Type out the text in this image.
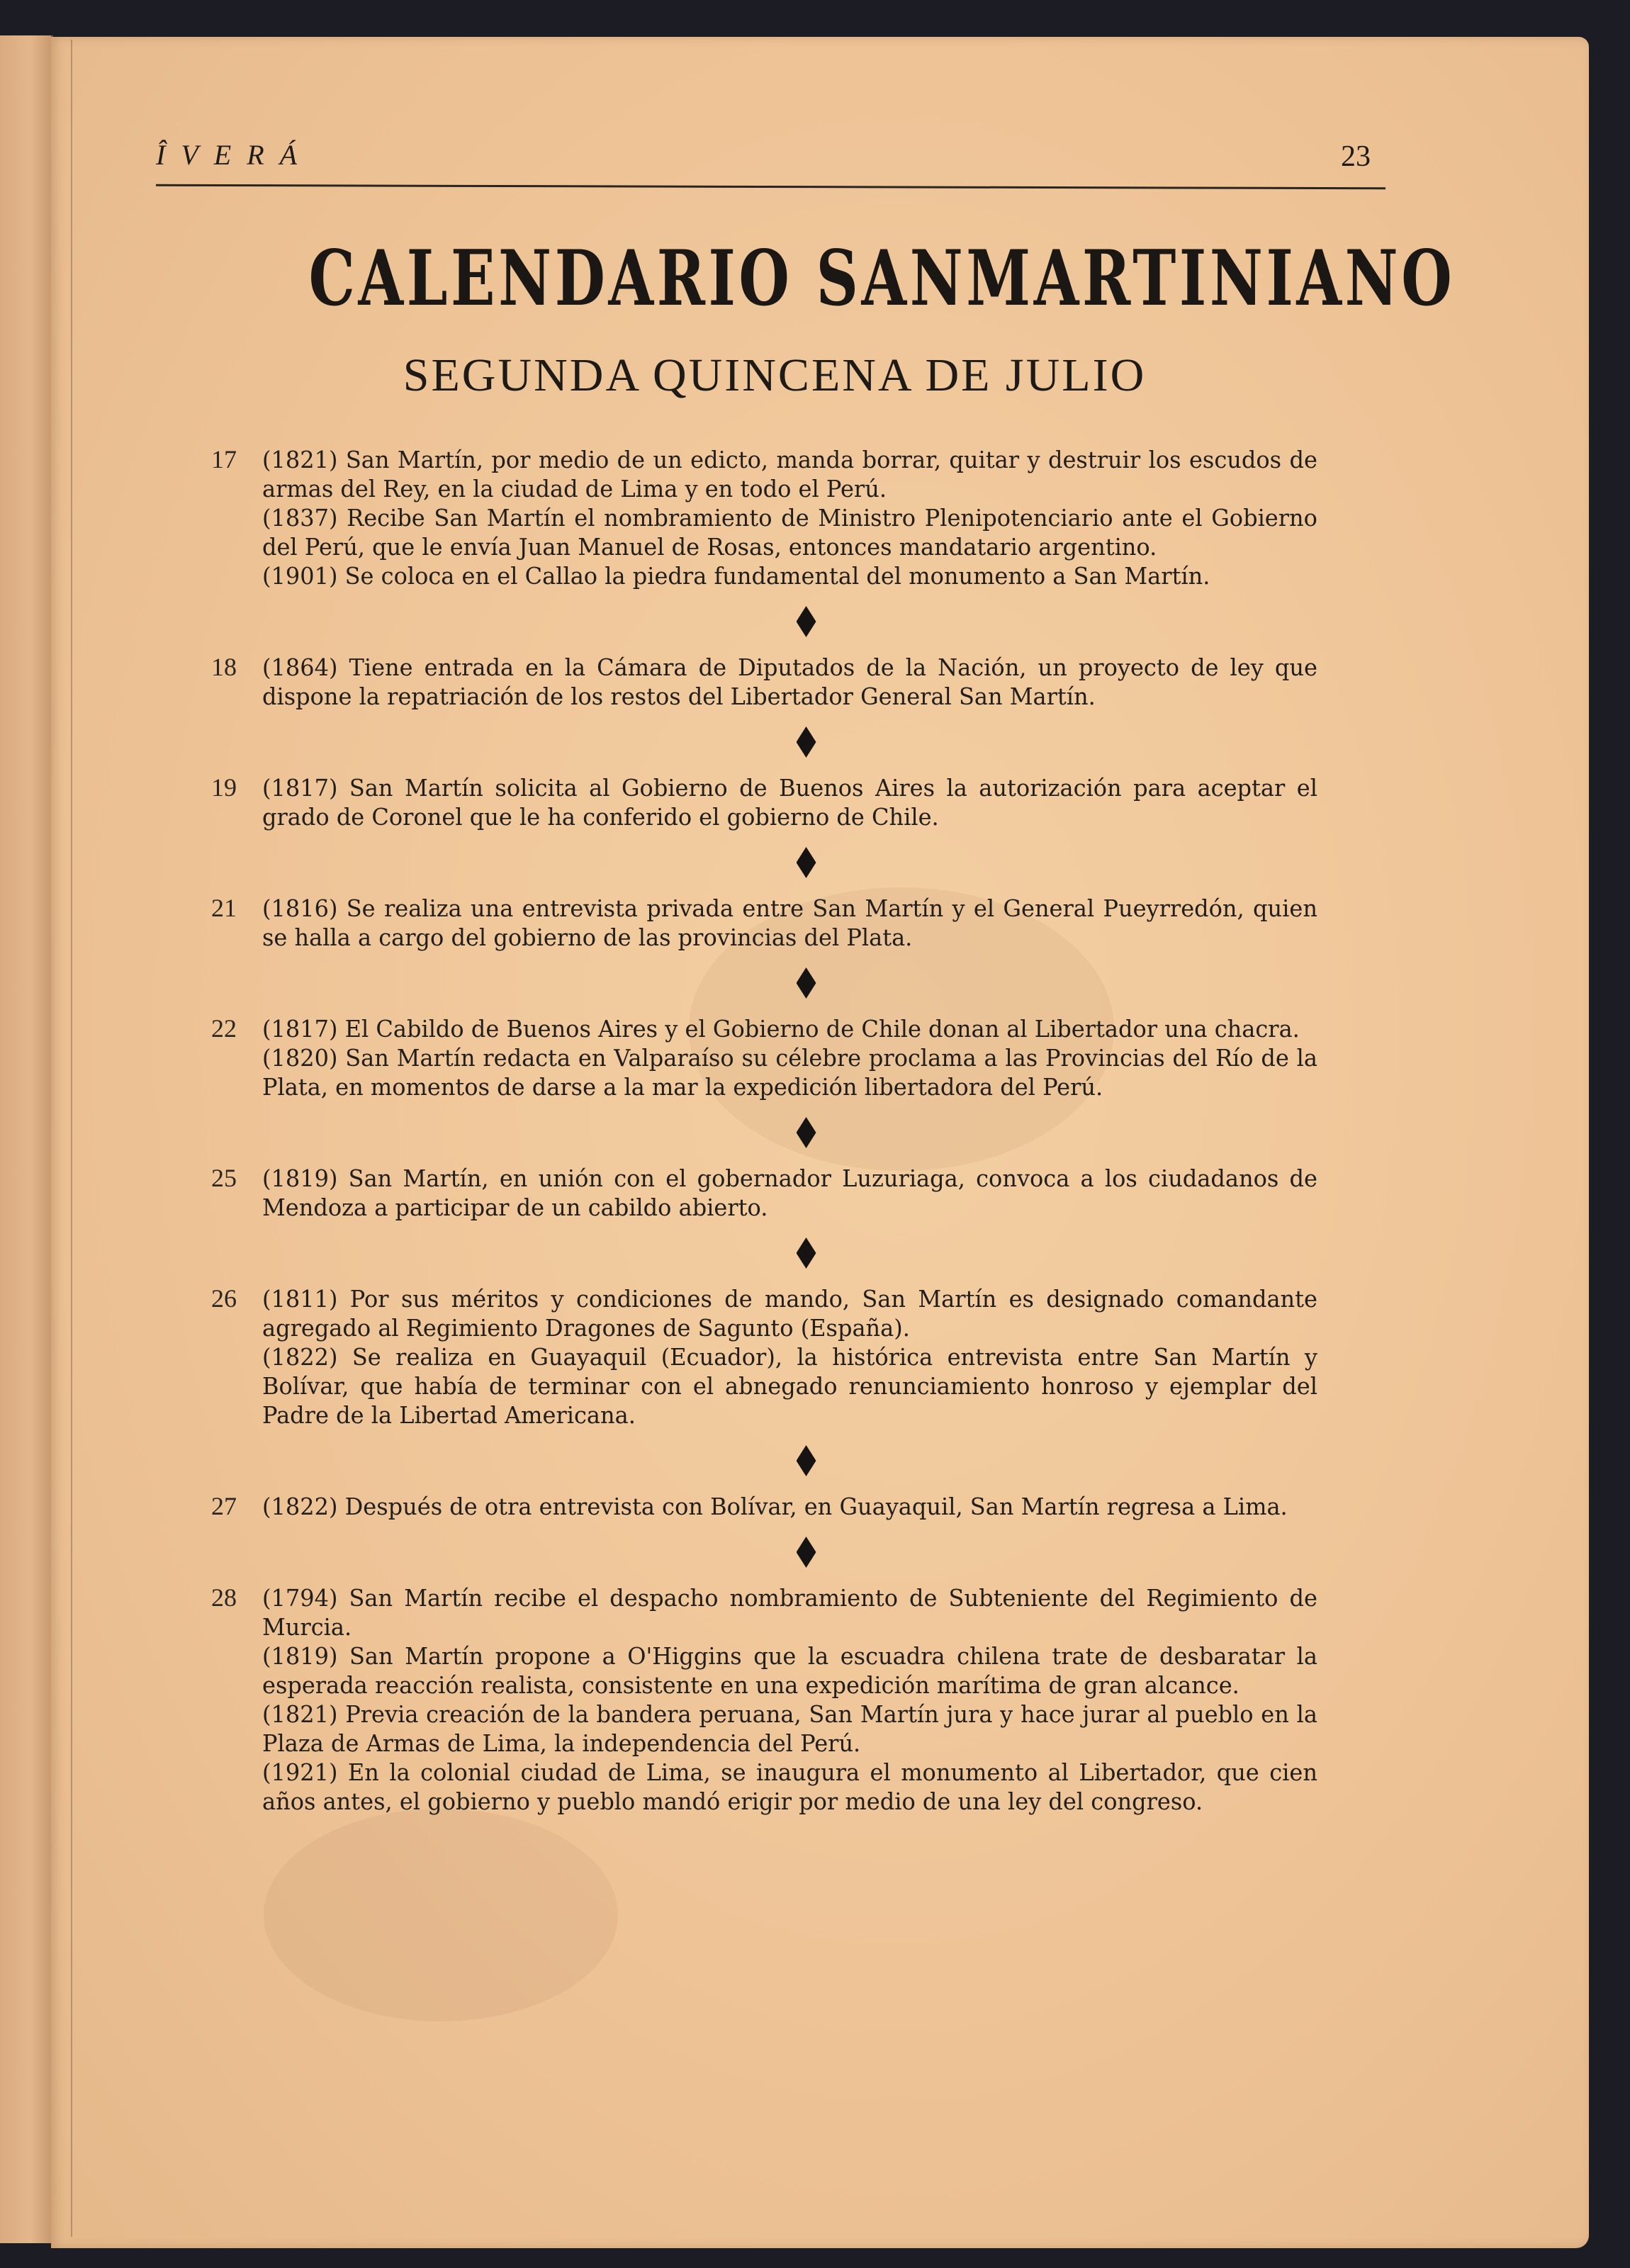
ÎVERÁ	23
CALENDARIO SANMARTINIANO
SEGUNDA QUINCENA DE JULIO
17 (1821) San Martín, por medio de un edicto, manda borrar, quitar y destruir los escudos de armas del Rey, en la ciudad de Lima y en todo el Perú.

(1837) Recibe San Martín el nombramiento de Ministro Plenipotenciario ante el Gobierno del Perú, que le envía Juan Manuel de Rosas, entonces mandatario argentino.

(1901) Se coloca en el Callao la piedra fundamental del monumento a San Martín.

18 (1864) Tiene entrada en la Cámara de Diputados de la Nación, un proyecto de ley que dispone la repatriación de los restos del Libertador General San Martín.

19 (1817) San Martín solicita al Gobierno de Buenos Aires la autorización para aceptar el grado de Coronel que le ha conferido el gobierno de Chile.

21 (1816) Se realiza una entrevista privada entre San Martín y el General Pueyrredón, quien se halla a cargo del gobierno de las provincias del Plata.

22 (1817) El Cabildo de Buenos Aires y el Gobierno de Chile donan al Libertador una chacra.

(1820) San Martín redacta en Valparaíso su célebre proclama a las Provincias del Río de la Plata, en momentos de darse a la mar la expedición libertadora del Perú.

25 (1819) San Martín, en unión con el gobernador Luzuriaga, convoca a los ciudadanos de Mendoza a participar de un cabildo abierto.

26 (1811) Por sus méritos y condiciones de mando, San Martín es designado comandante agregado al Regimiento Dragones de Sagunto (España).

(1822) Se realiza en Guayaquil (Ecuador), la histórica entrevista entre San Martín y Bolívar, que había de terminar con el abnegado renunciamiento honroso y ejemplar del Padre de la Libertad Americana.

27 (1822) Después de otra entrevista con Bolívar, en Guayaquil, San Martín regresa a Lima.

28 (1794) San Martín recibe el despacho nombramiento de Subteniente del Regimiento de Murcia.

(1819) San Martín propone a O'Higgins que la escuadra chilena trate de desbaratar la esperada reacción realista, consistente en una expedición marítima de gran alcance.

(1821) Previa creación de la bandera peruana, San Martín jura y hace jurar al pueblo en la Plaza de Armas de Lima, la independencia del Perú.

(1921) En la colonial ciudad de Lima, se inaugura el monumento al Libertador, que cien años antes, el gobierno y pueblo mandó erigir por medio de una ley del congreso.
